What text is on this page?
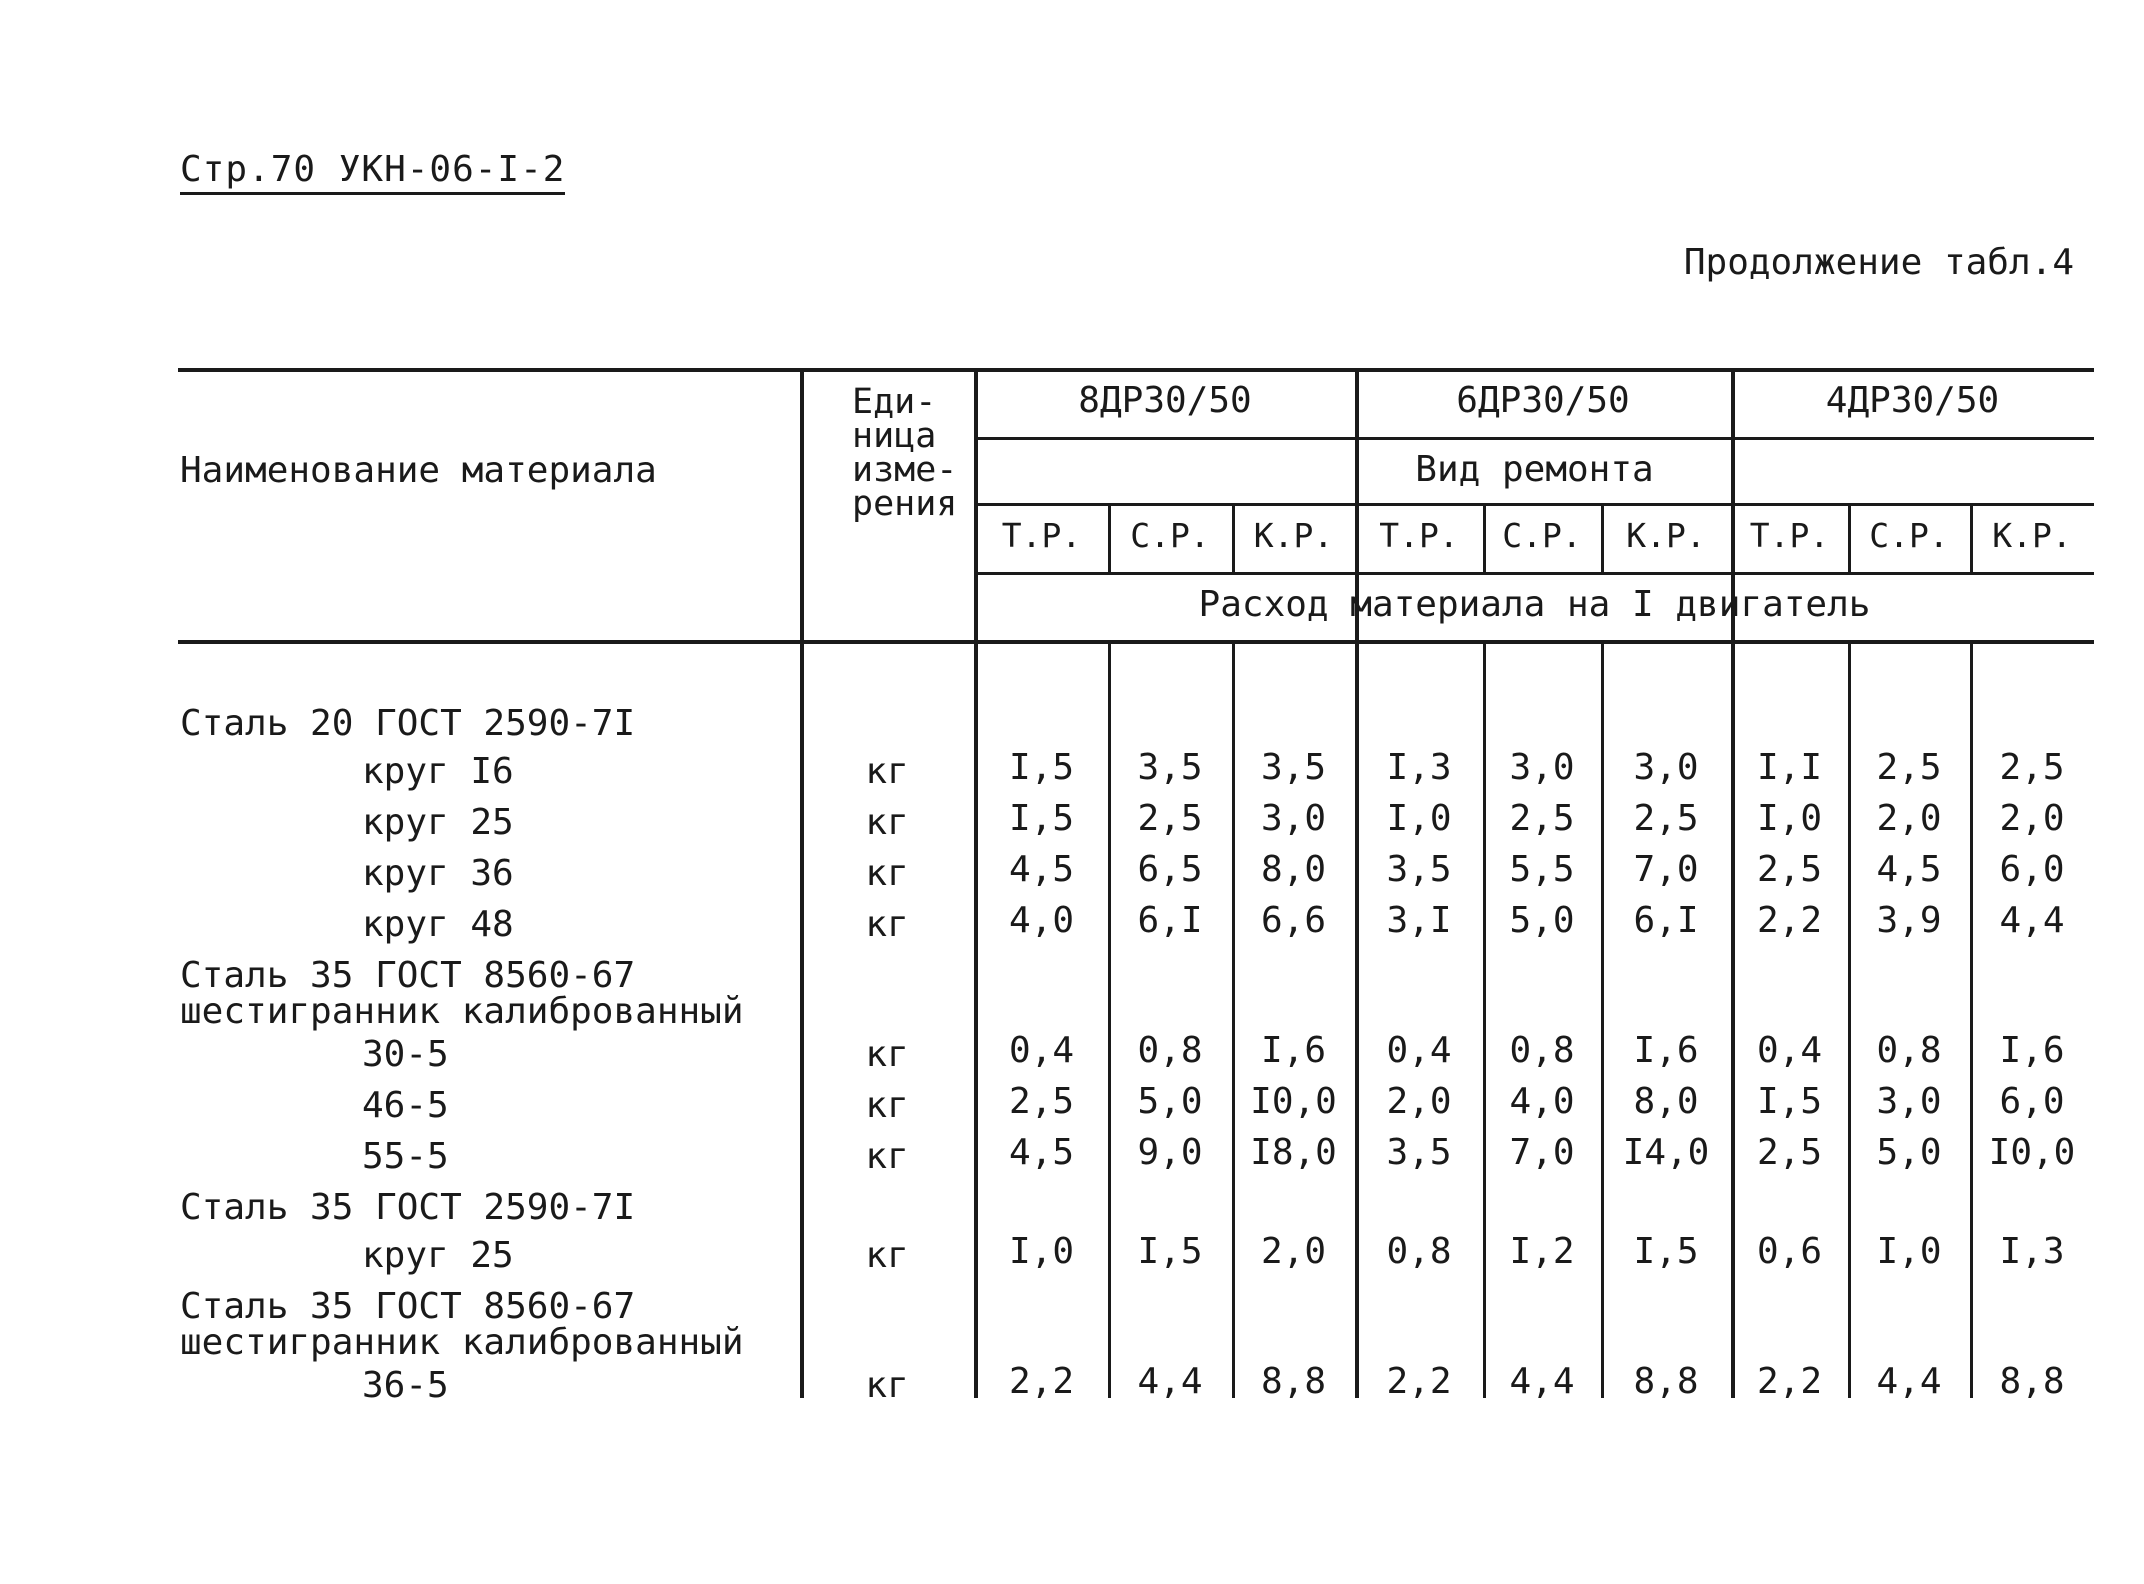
Стр.70 УКН-06-I-2
Продолжение табл.4
Наименование материала
Еди-
ница
изме-
рения
Вид ремонта
Расход материала на I двигатель
8ДР30/50	6ДР30/50	4ДР30/50
Т.Р.	С.Р.	К.Р.	Т.Р.	С.Р.	К.Р.	Т.Р.	С.Р.	К.Р.
Сталь 20 ГОСТ 2590-7I
круг I6	кг	I,5	3,5	3,5	I,3	3,0	3,0	I,I	2,5	2,5
круг 25	кг	I,5	2,5	3,0	I,0	2,5	2,5	I,0	2,0	2,0
круг 36	кг	4,5	6,5	8,0	3,5	5,5	7,0	2,5	4,5	6,0
круг 48	кг	4,0	6,I	6,6	3,I	5,0	6,I	2,2	3,9	4,4
Сталь 35 ГОСТ 8560-67
шестигранник калиброванный
30-5	кг	0,4	0,8	I,6	0,4	0,8	I,6	0,4	0,8	I,6
46-5	кг	2,5	5,0	I0,0	2,0	4,0	8,0	I,5	3,0	6,0
55-5	кг	4,5	9,0	I8,0	3,5	7,0	I4,0	2,5	5,0	I0,0
Сталь 35 ГОСТ 2590-7I
круг 25	кг	I,0	I,5	2,0	0,8	I,2	I,5	0,6	I,0	I,3
Сталь 35 ГОСТ 8560-67
шестигранник калиброванный
36-5	кг	2,2	4,4	8,8	2,2	4,4	8,8	2,2	4,4	8,8
